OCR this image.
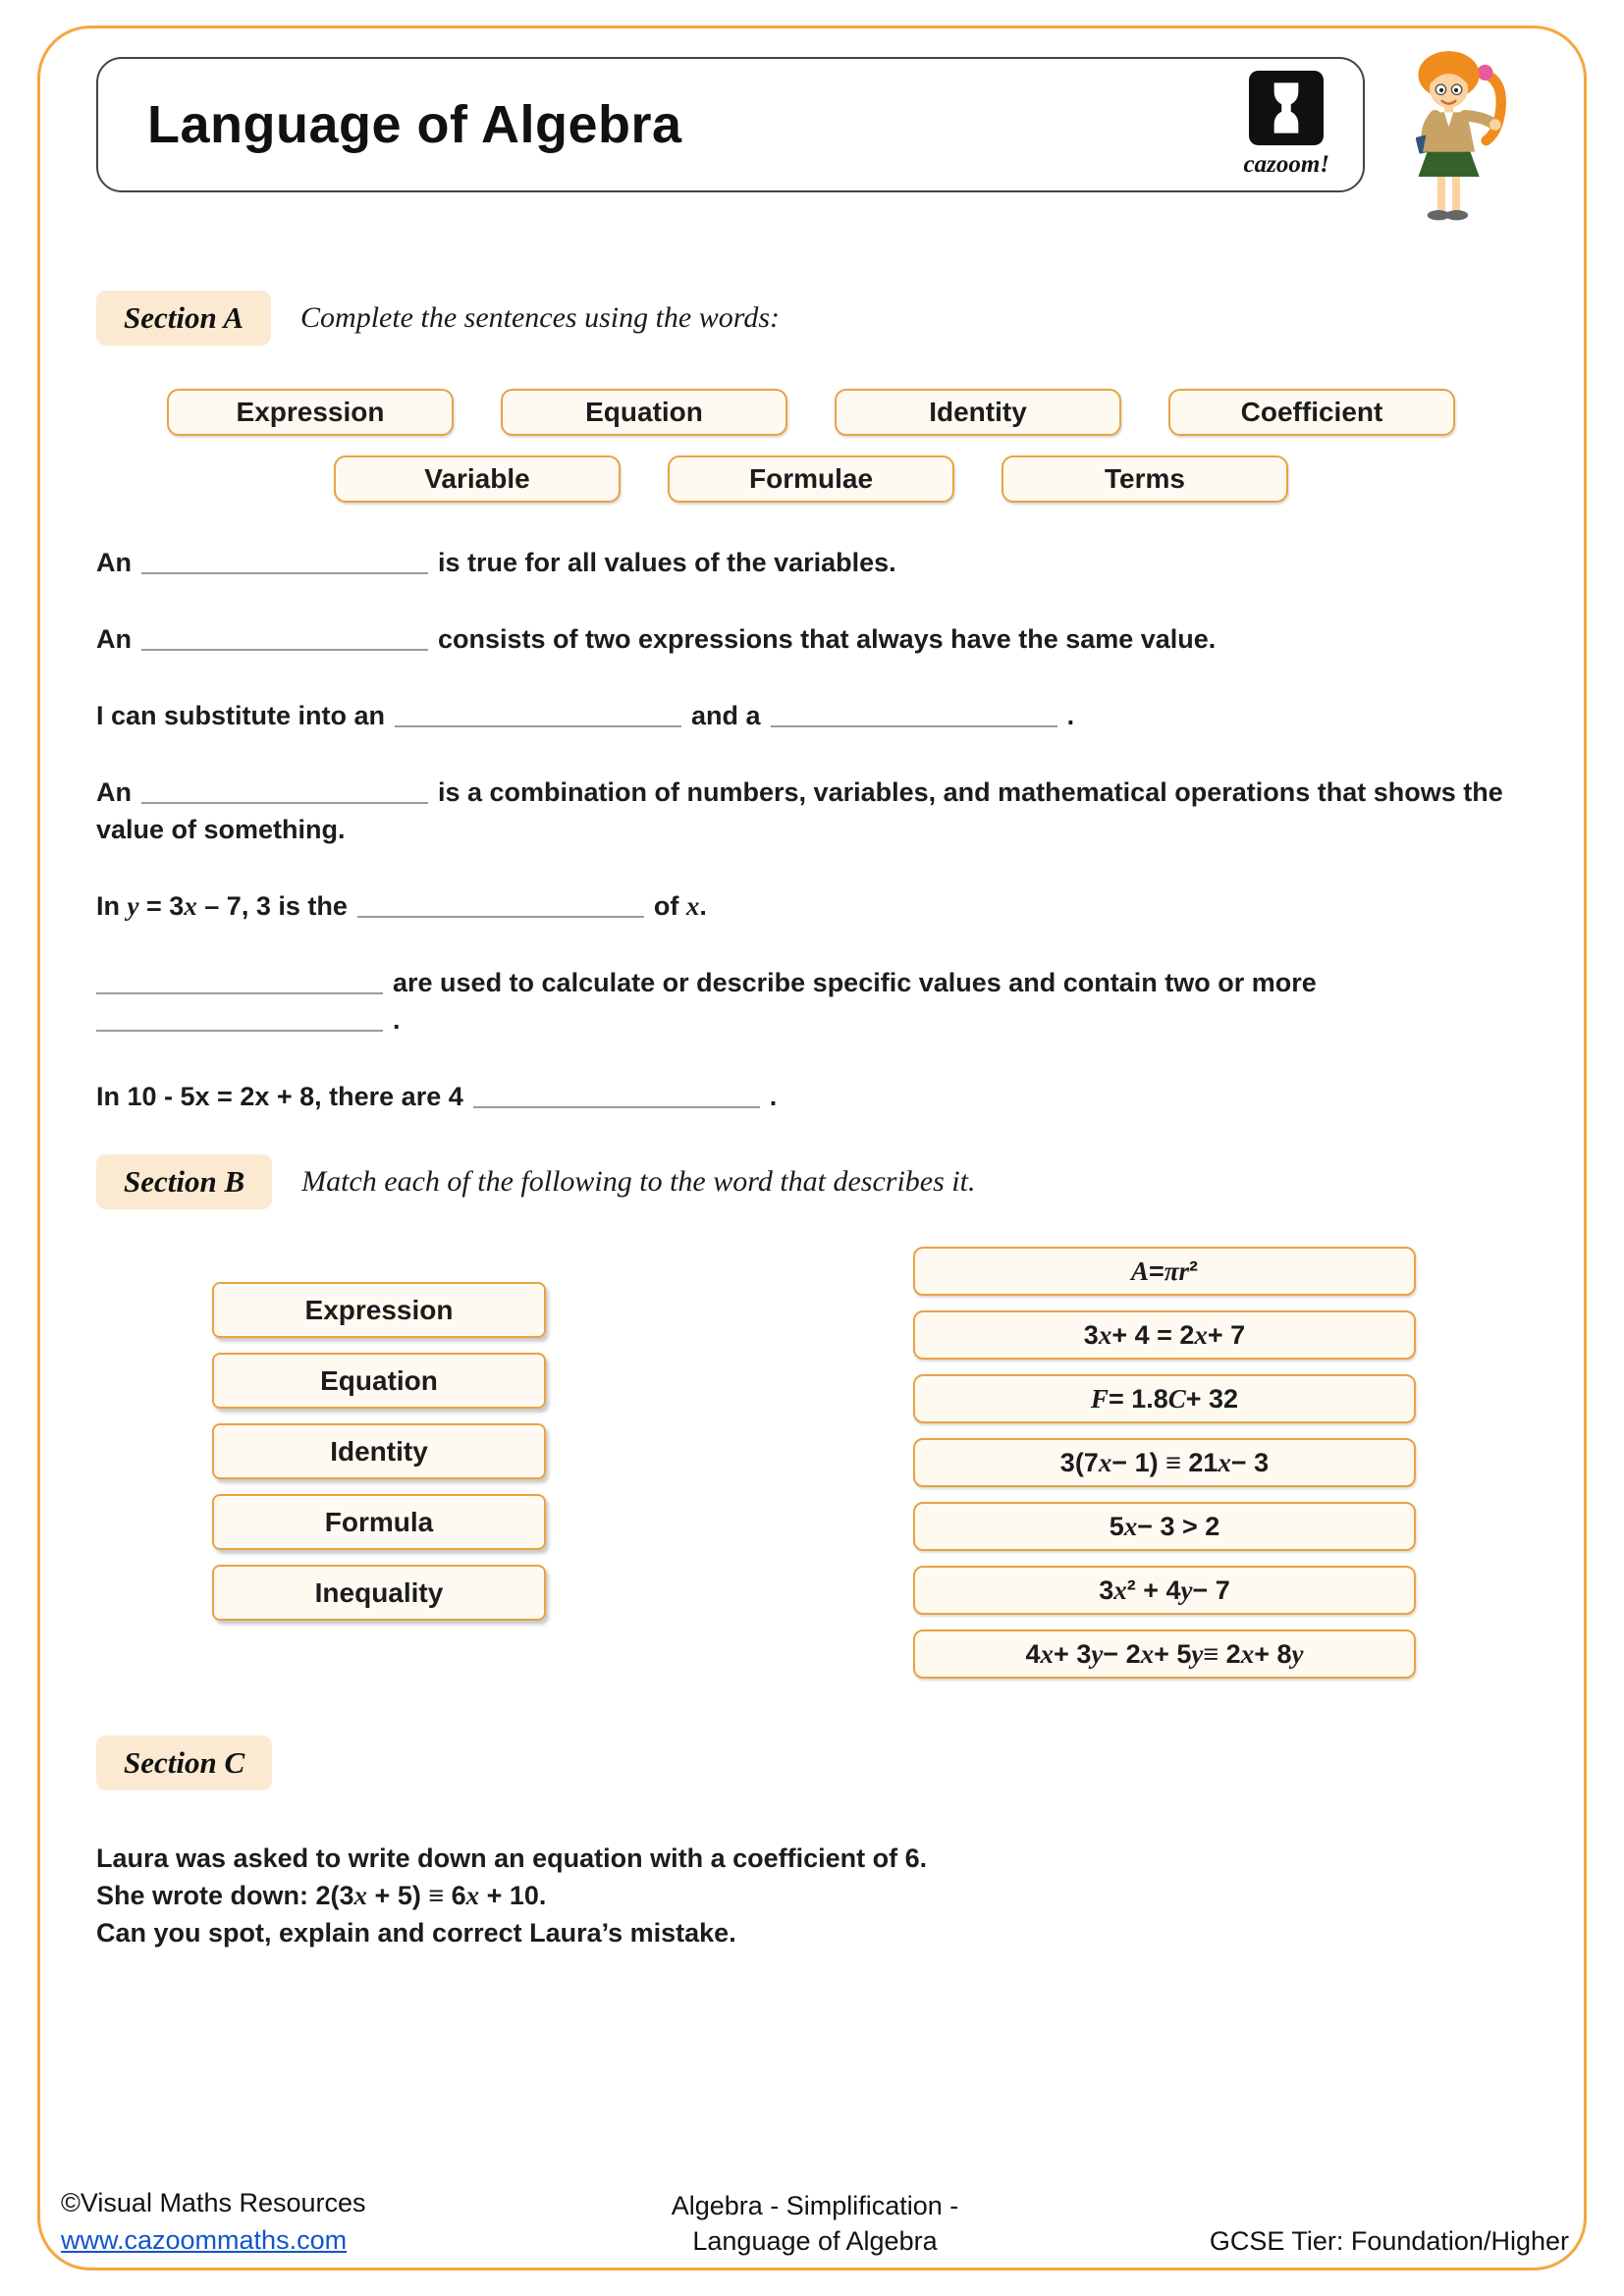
Language of Algebra
cazoom!
Section A	Complete the sentences using the words:
Expression	Equation	Identity	Coefficient
Variable	Formulae	Terms

An	is true for all values of the variables.

An	consists of two expressions that always have the same value.

I can substitute into an	and a	.

An	is a combination of numbers, variables, and mathematical operations that shows the value of something.

In y = 3x – 7, 3 is the	of x.

are used to calculate or describe specific values and contain two or more
.

In 10 - 5x = 2x + 8, there are 4	.

Section B	Match each of the following to the word that describes it.
Expression
Equation
Identity
Formula
Inequality
A = π r ²
3 x + 4 = 2 x + 7
F = 1.8 C + 32
3(7 x − 1) ≡ 21 x − 3
5 x − 3 > 2
3 x ² + 4 y − 7
4 x + 3 y − 2 x + 5 y ≡ 2 x + 8 y
Section C
Laura was asked to write down an equation with a coefficient of 6.
She wrote down: 2(3x + 5) ≡ 6x + 10.
Can you spot, explain and correct Laura’s mistake.
©Visual Maths Resources
www.cazoommaths.com
Algebra - Simplification -
Language of Algebra	GCSE Tier: Foundation/Higher
